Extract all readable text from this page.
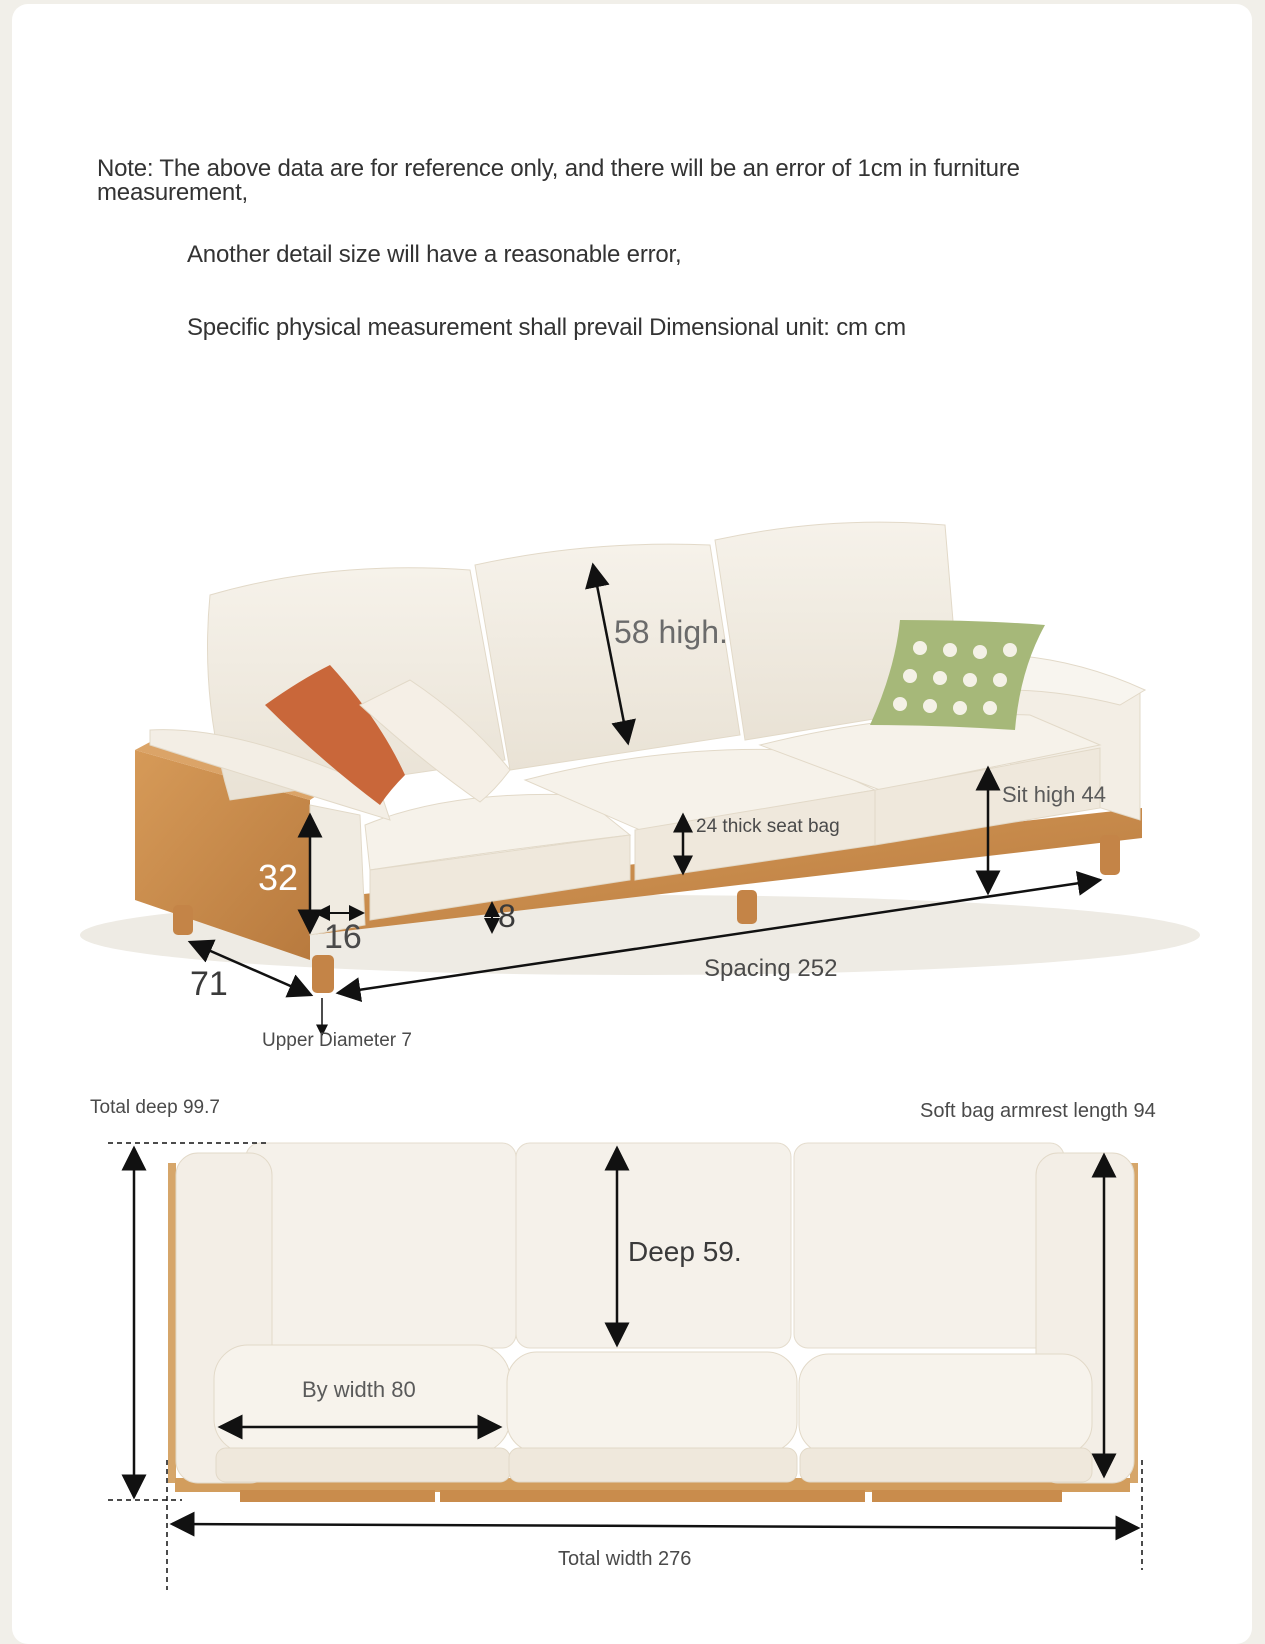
Note: The above data are for reference only, and there will be an error of 1cm in furniture
measurement,
Another detail size will have a reasonable error,
Specific physical measurement shall prevail Dimensional unit: cm cm
58 high.
Sit high 44
24 thick seat bag
32
16
8
71	Spacing 252
Upper Diameter 7
Total deep 99.7	Soft bag armrest length 94
Deep 59.
By width 80
Total width 276
